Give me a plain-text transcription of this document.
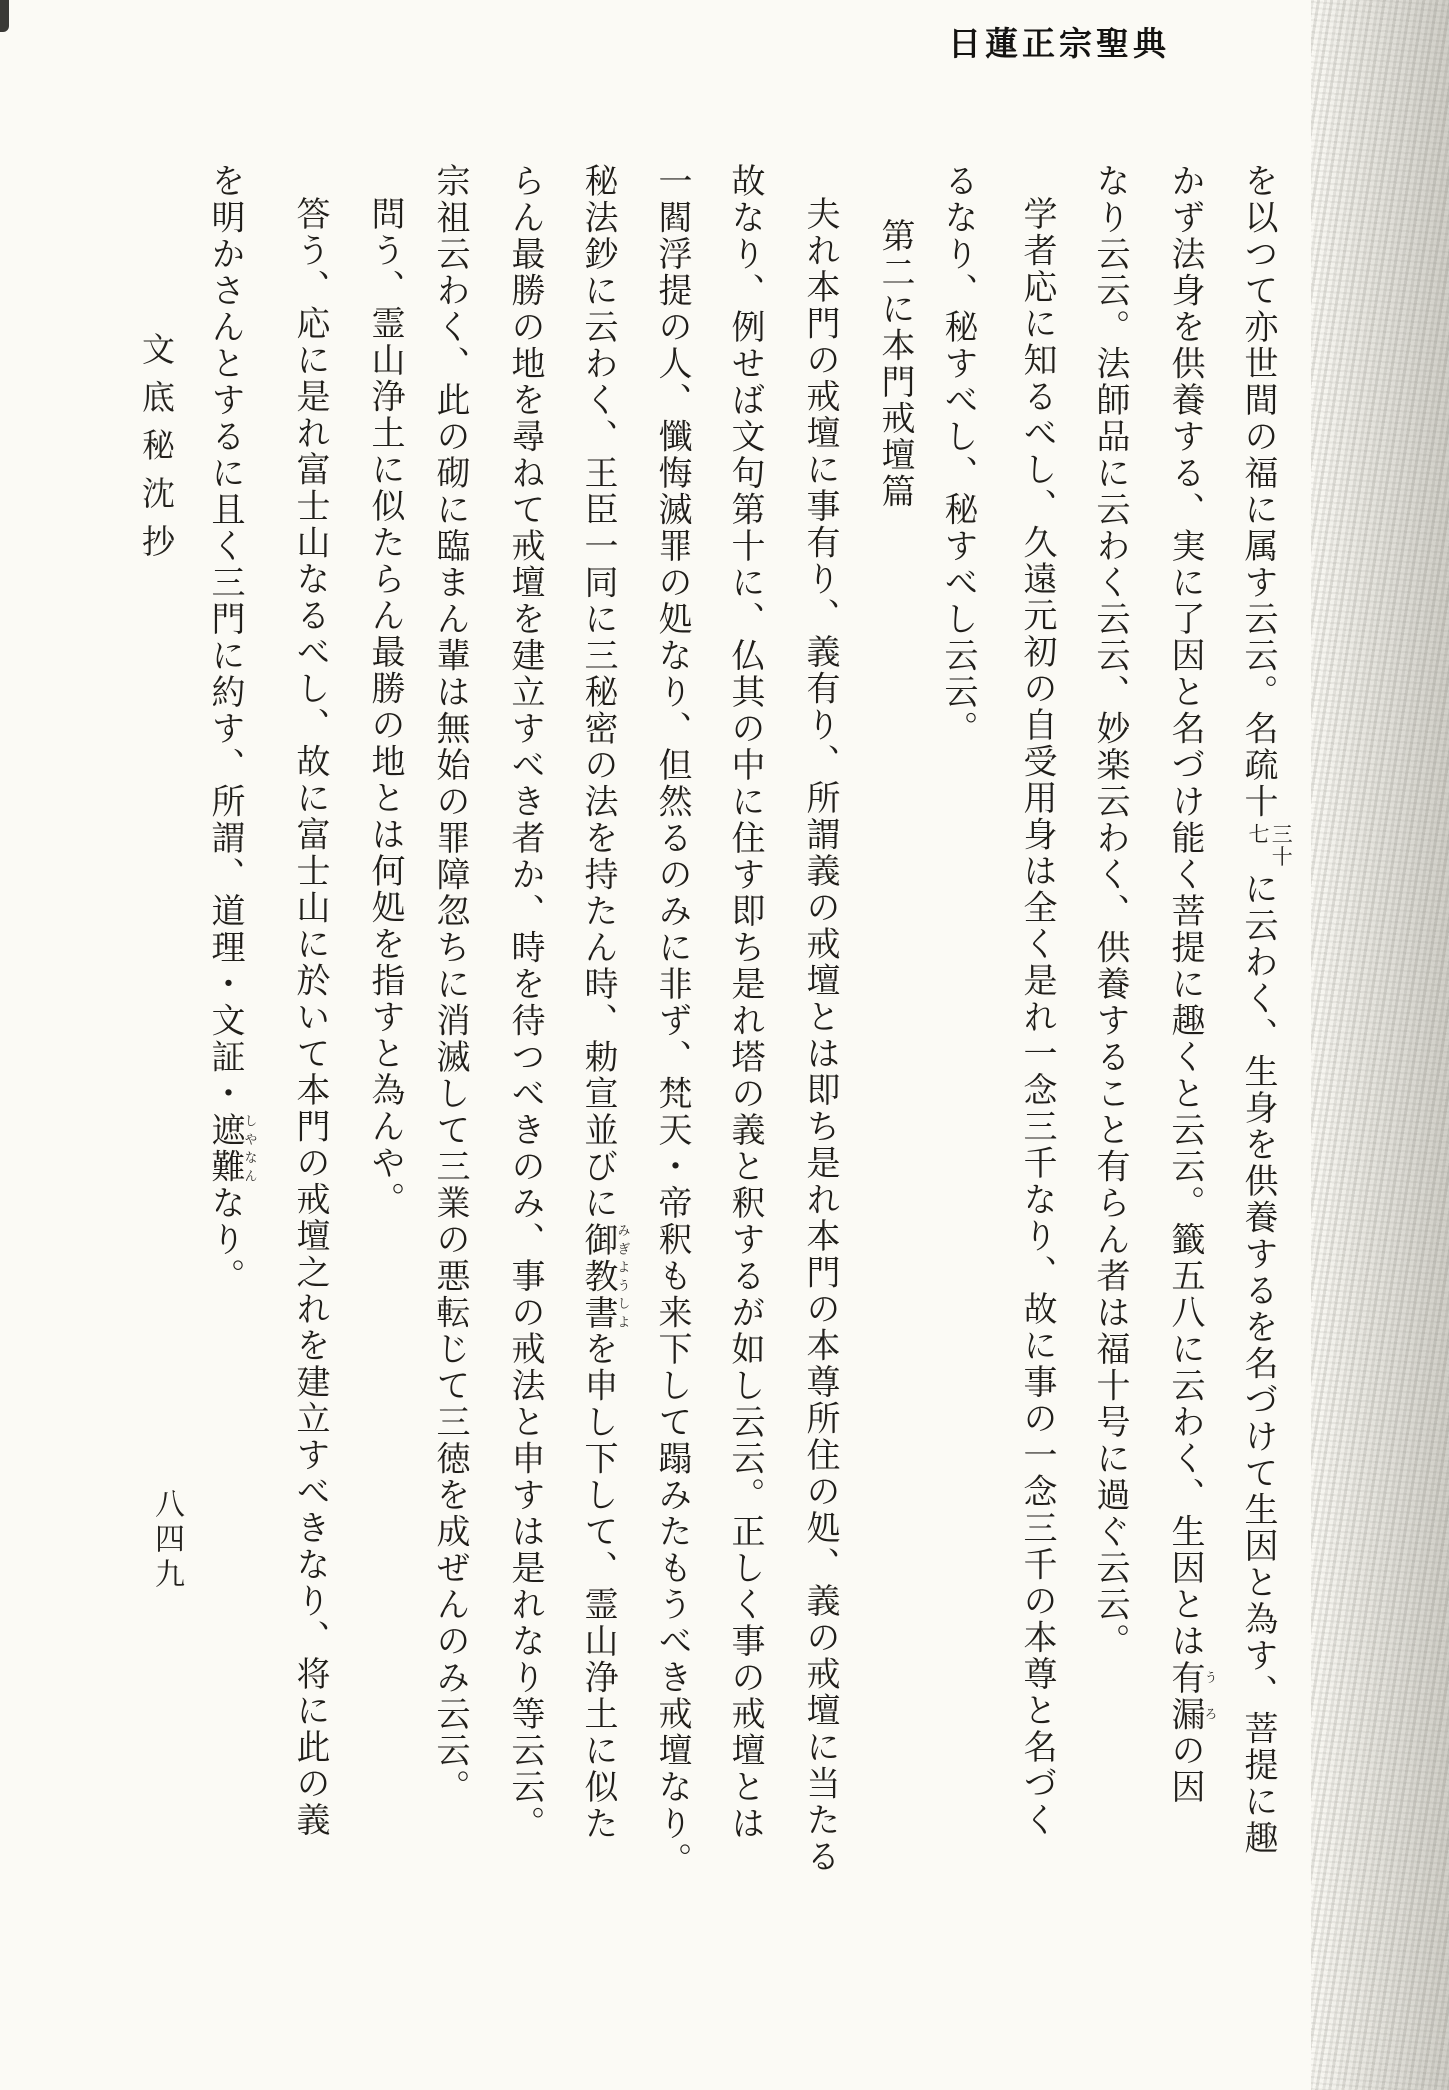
日蓮正宗聖典
を以つて亦世間の福に属す云云。名疏十
三十
七
に云わく、生身を供養するを名づけて生因と為す、菩提に趣
かず法身を供養する、実に了因と名づけ能く菩提に趣くと云云。籤五八に云わく、生因とは有漏うろの因
なり云云。法師品に云わく云云、妙楽云わく、供養すること有らん者は福十号に過ぐ云云。
学者応に知るべし、久遠元初の自受用身は全く是れ一念三千なり、故に事の一念三千の本尊と名づく
るなり、秘すべし、秘すべし云云。
第二に本門戒壇篇
夫れ本門の戒壇に事有り、義有り、所謂義の戒壇とは即ち是れ本門の本尊所住の処、義の戒壇に当たる
故なり、例せば文句第十に、仏其の中に住す即ち是れ塔の義と釈するが如し云云。正しく事の戒壇とは
一閻浮提の人、懺悔滅罪の処なり、但然るのみに非ず、梵天・帝釈も来下して蹋みたもうべき戒壇なり。
秘法鈔に云わく、王臣一同に三秘密の法を持たん時、勅宣並びに御教書みぎようしよを申し下して、霊山浄土に似た
らん最勝の地を尋ねて戒壇を建立すべき者か、時を待つべきのみ、事の戒法と申すは是れなり等云云。
宗祖云わく、此の砌に臨まん輩は無始の罪障忽ちに消滅して三業の悪転じて三徳を成ぜんのみ云云。
問う、霊山浄土に似たらん最勝の地とは何処を指すと為んや。
答う、応に是れ富士山なるべし、故に富士山に於いて本門の戒壇之れを建立すべきなり、将に此の義
を明かさんとするに且く三門に約す、所謂、道理・文証・遮難しやなんなり。
文底秘沈抄
八四九
